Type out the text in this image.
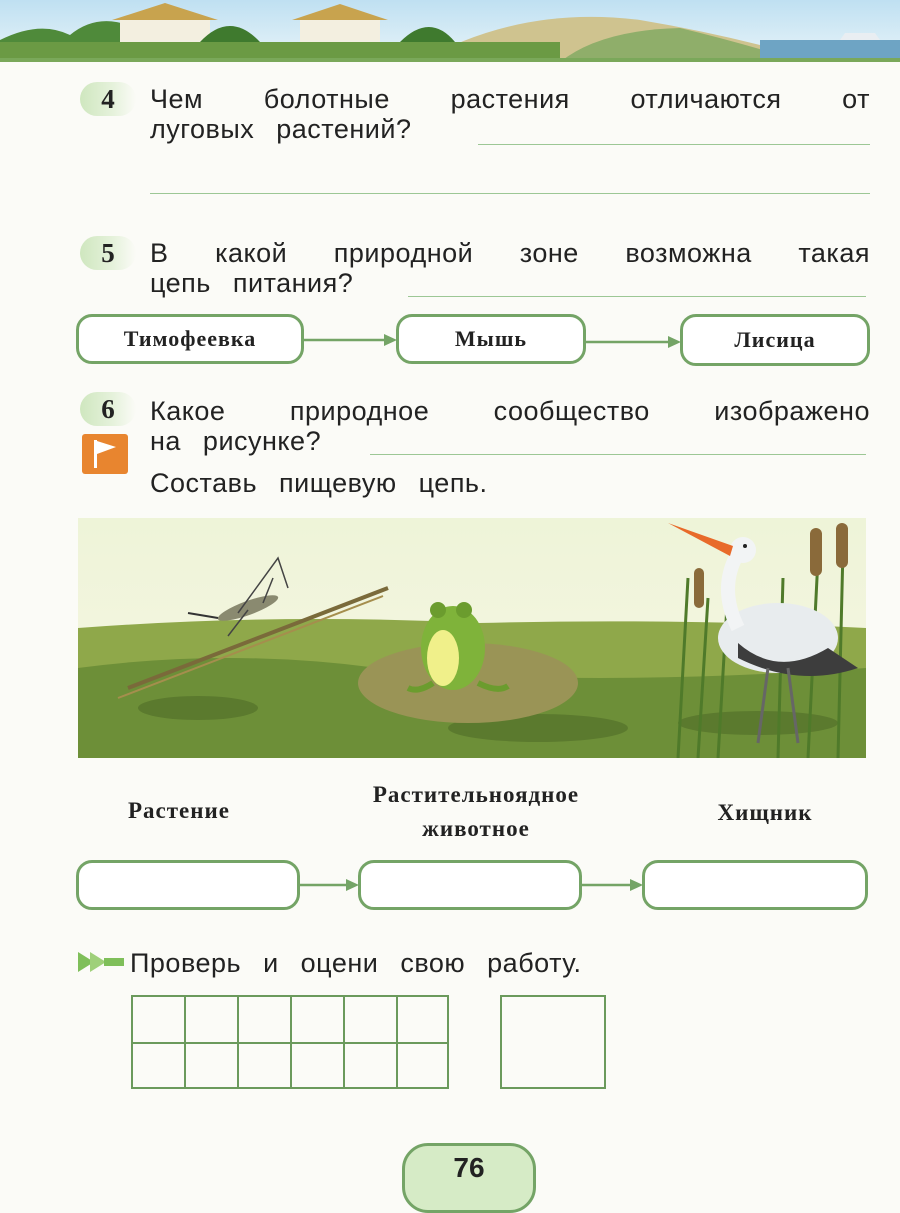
4	Чем болотные растения отличаются от
луговых растений?
5	В какой природной зоне возможна такая
цепь питания?
Тимофеевка	Мышь	Лисица
6	Какое природное сообщество изображено
на рисунке?
Составь пищевую цепь.
Растение
Растительноядное
животное
Хищник
Проверь и оцени свою работу.
76
